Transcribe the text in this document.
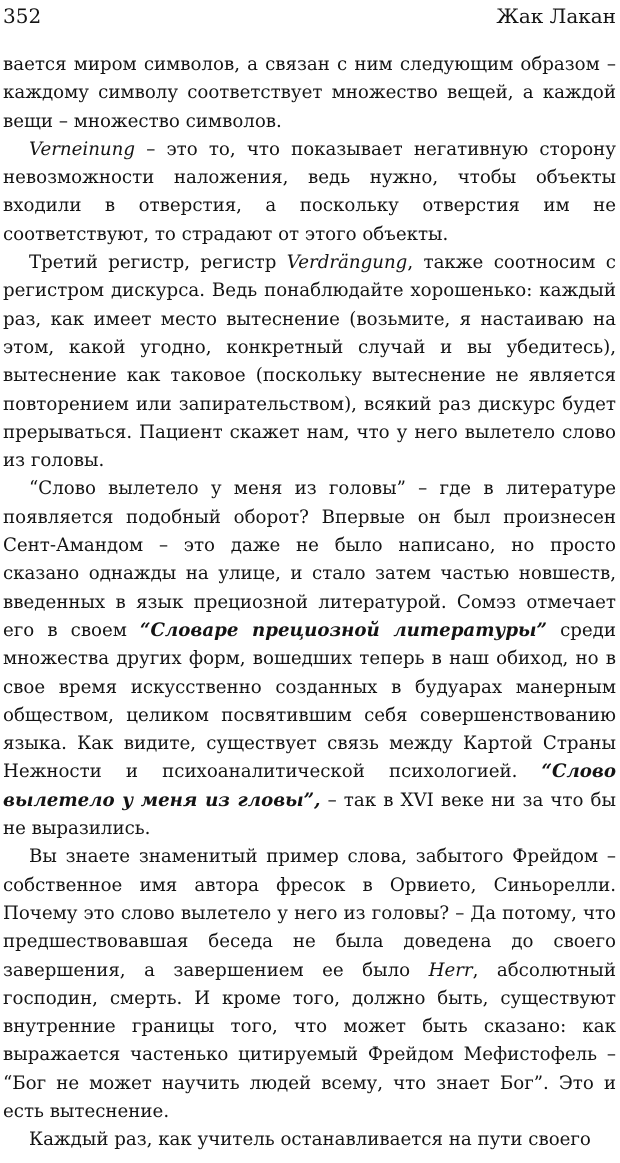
352	Жак Лакан

вается миром символов, а связан с ним следующим образом – каждому символу соответствует множество вещей, а каждой вещи – множество символов.

Verneinung – это то, что показывает негативную сторону невозможности наложения, ведь нужно, чтобы объекты входили в отверстия, а поскольку отверстия им не соответствуют, то страдают от этого объекты.

Третий регистр, регистр Verdrängung, также соотносим с регистром дискурса. Ведь понаблюдайте хорошенько: каждый раз, как имеет место вытеснение (возьмите, я настаиваю на этом, какой угодно, конкретный случай и вы убедитесь), вытеснение как таковое (поскольку вытеснение не является повторением или запирательством), всякий раз дискурс будет прерываться. Пациент скажет нам, что у него вылетело слово из головы.

“Слово вылетело у меня из головы” – где в литературе появляется подобный оборот? Впервые он был произнесен Сент-Амандом – это даже не было написано, но просто сказано однажды на улице, и стало затем частью новшеств, введенных в язык прециозной литературой. Сомэз отмечает его в своем “Словаре прециозной литературы” среди множества других форм, вошедших теперь в наш обиход, но в свое время искусственно созданных в будуарах манерным обществом, целиком посвятившим себя совершенствованию языка. Как видите, существует связь между Картой Страны Нежности и психоаналитической психологией. “Слово вылетело у меня из гловы”, – так в XVI веке ни за что бы не выразились.

Вы знаете знаменитый пример слова, забытого Фрейдом – собственное имя автора фресок в Орвието, Синьорелли. Почему это слово вылетело у него из головы? – Да потому, что предшествовавшая беседа не была доведена до своего завершения, а завершением ее было Herr, абсолютный господин, смерть. И кроме того, должно быть, существуют внутренние границы того, что может быть сказано: как выражается частенько цитируемый Фрейдом Мефистофель – “Бог не может научить людей всему, что знает Бог”. Это и есть вытеснение.

Каждый раз, как учитель останавливается на пути своего
